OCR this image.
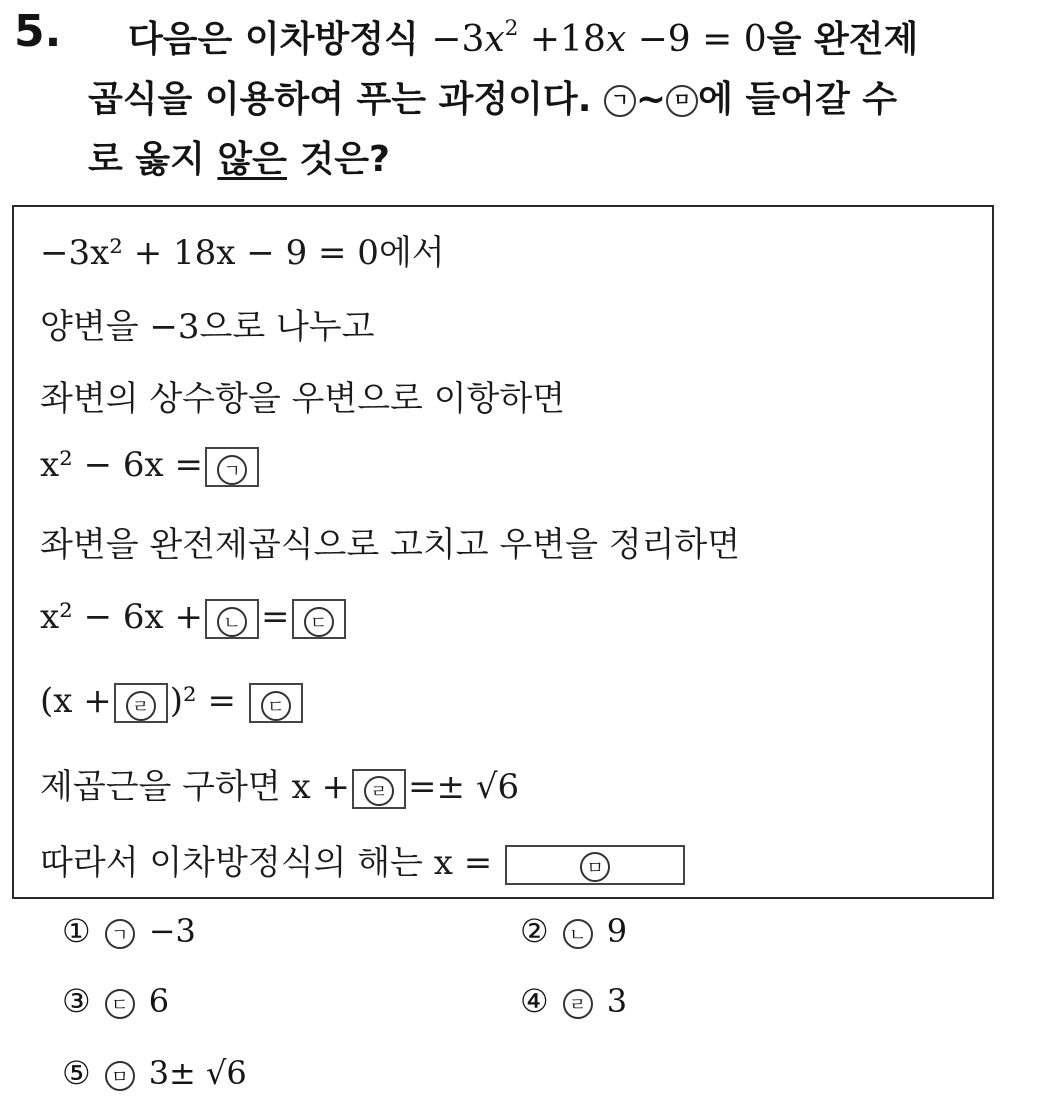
5.	다음은 이차방정식 $-3x^2 +18x -9 = 0$을 완전제
곱식을 이용하여 푸는 과정이다. ㄱ ~ ㅁ 에 들어갈 수
로 옳지 않은 것은?
−3x² + 18x − 9 = 0에서
양변을 −3으로 나누고
좌변의 상수항을 우변으로 이항하면
x² − 6x = ㄱ
좌변을 완전제곱식으로 고치고 우변을 정리하면
x² − 6x + ㄴ = ㄷ
(x + ㄹ )² = ㄷ
제곱근을 구하면 x + ㄹ =± √6
따라서 이차방정식의 해는 x =	ㅁ
① ㄱ −3	② ㄴ 9
③ ㄷ 6	④ ㄹ 3
⑤ ㅁ 3± √6
